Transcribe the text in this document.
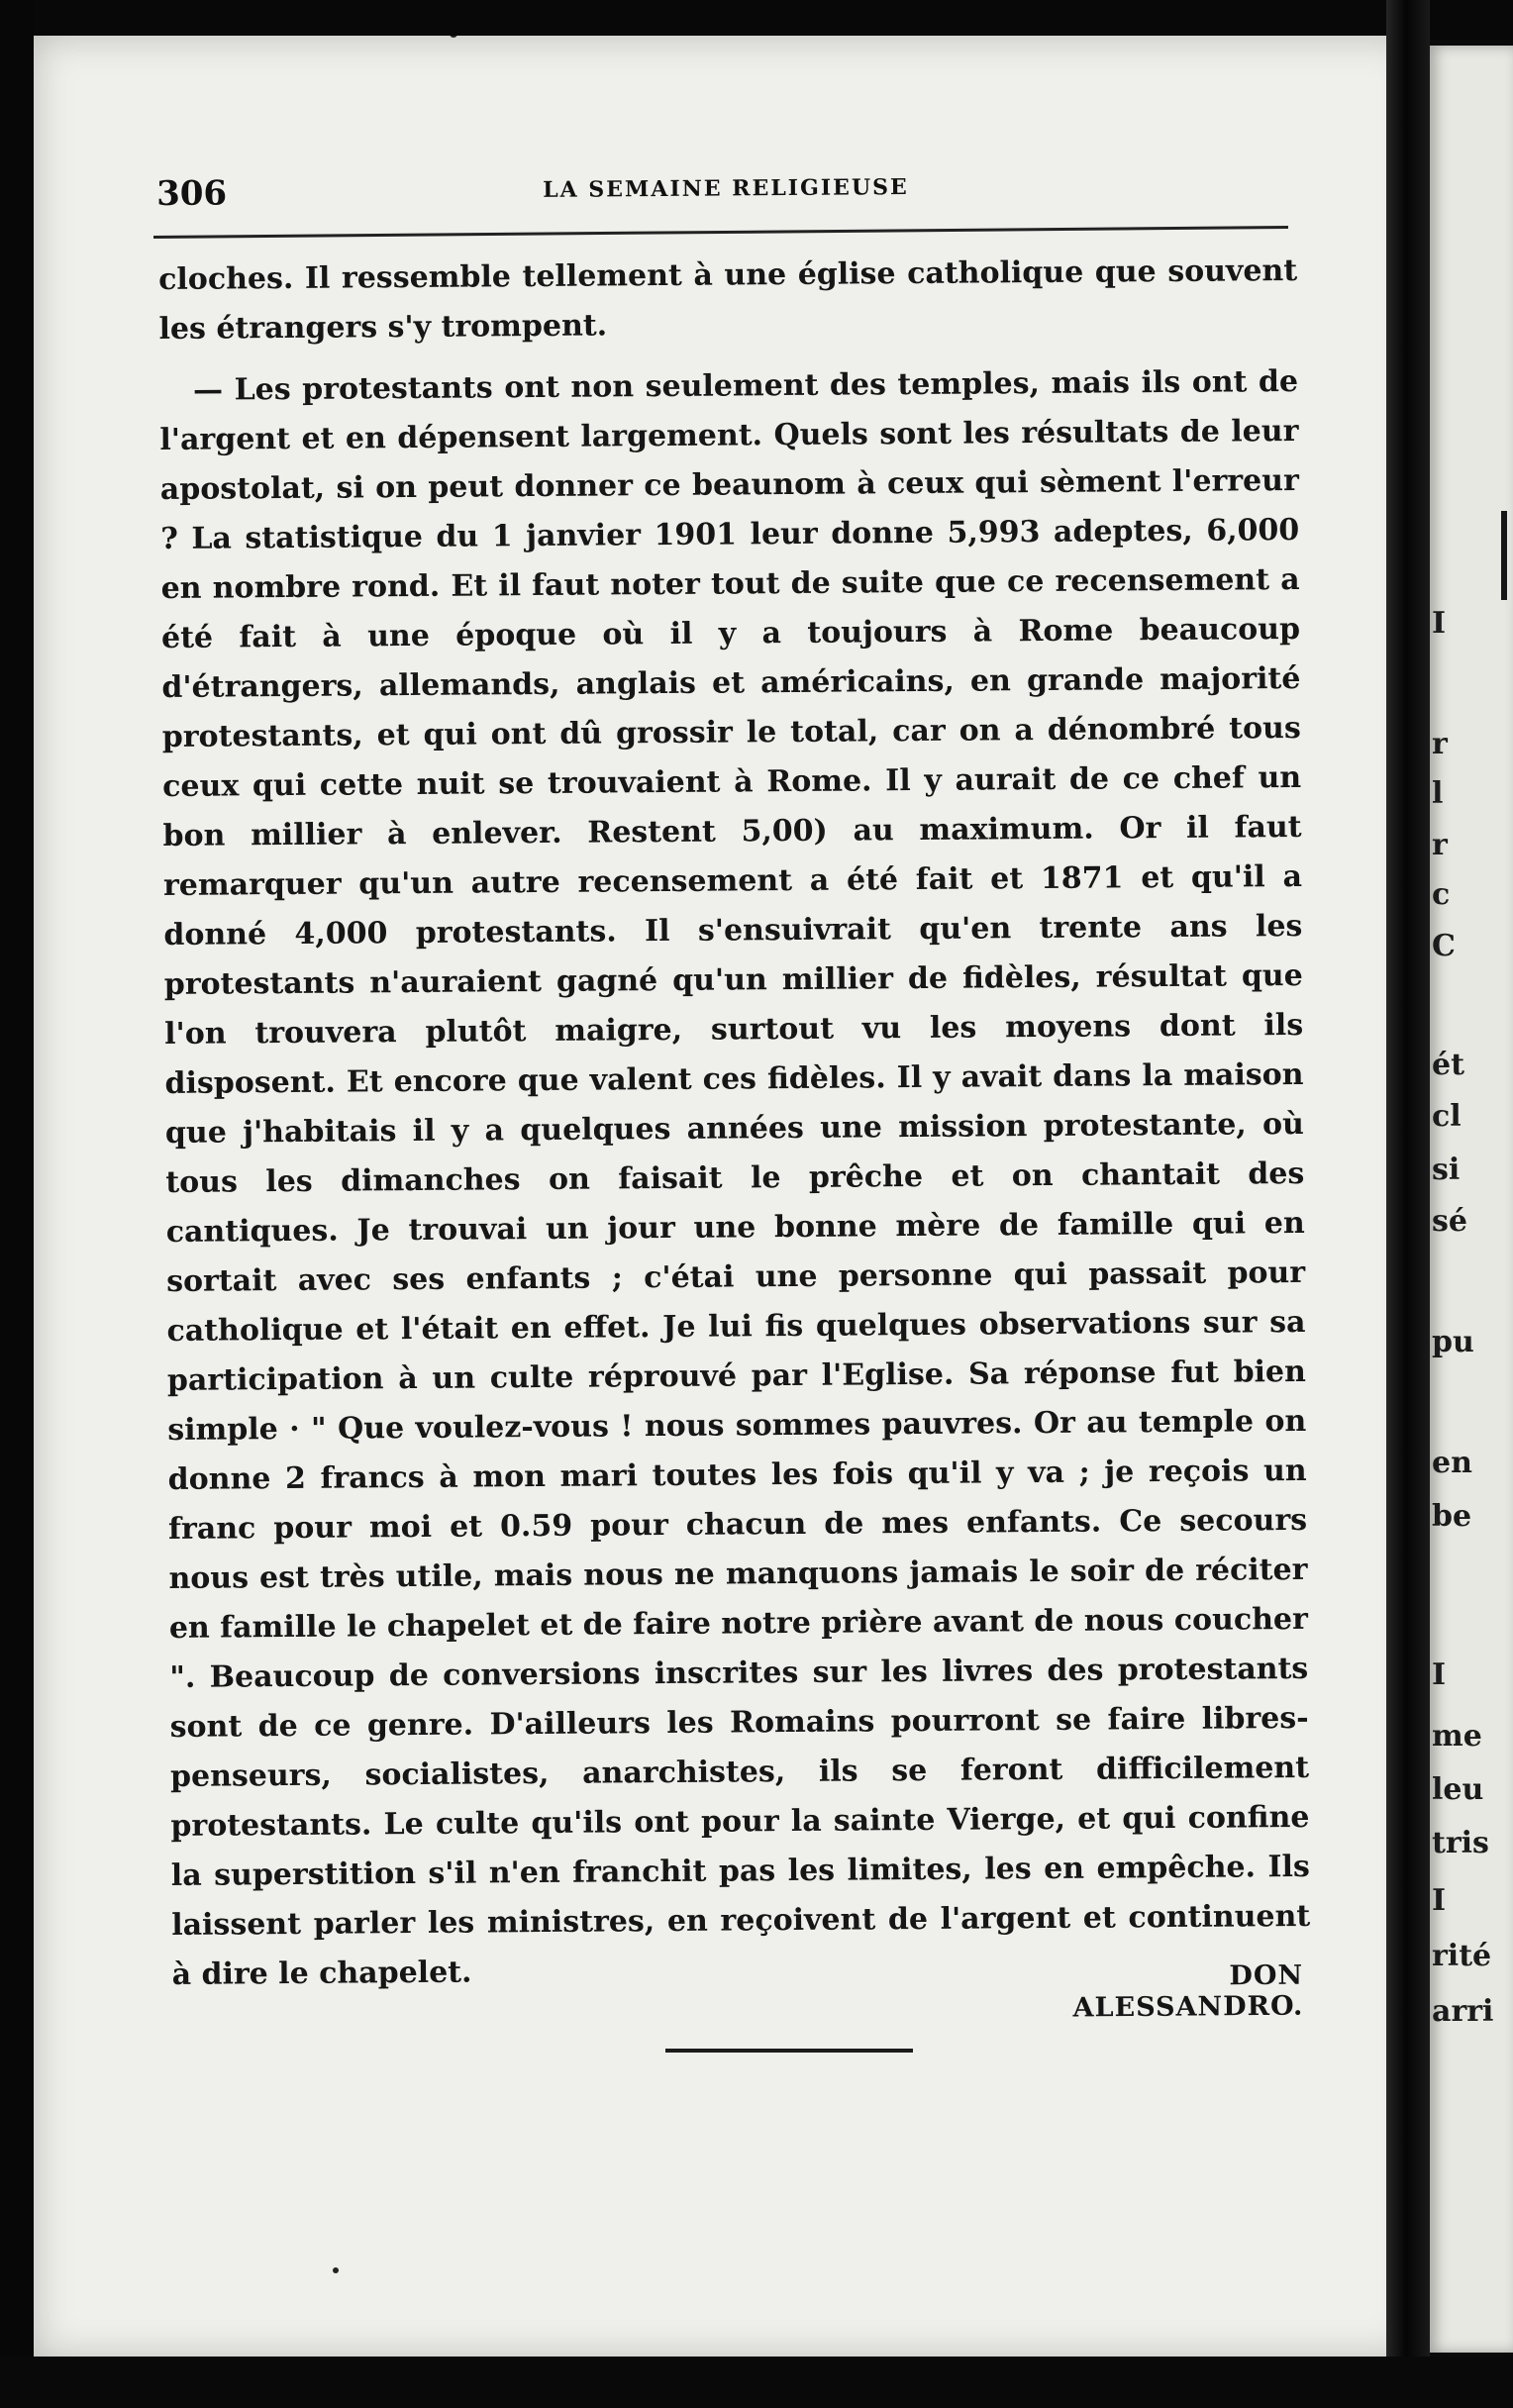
306	LA SEMAINE RELIGIEUSE

cloches. Il ressemble tellement à une église catholique que souvent les étrangers s'y trompent.

— Les protestants ont non seulement des temples, mais ils ont de l'argent et en dépensent largement. Quels sont les résultats de leur apostolat, si on peut donner ce beaunom à ceux qui sèment l'erreur ? La statistique du 1 janvier 1901 leur donne 5,993 adeptes, 6,000 en nombre rond. Et il faut noter tout de suite que ce recensement a été fait à une époque où il y a toujours à Rome beaucoup d'étrangers, allemands, anglais et américains, en grande majorité protestants, et qui ont dû grossir le total, car on a dénombré tous ceux qui cette nuit se trouvaient à Rome. Il y aurait de ce chef un bon millier à enlever. Restent 5,00) au maximum. Or il faut remarquer qu'un autre recensement a été fait et 1871 et qu'il a donné 4,000 protestants. Il s'ensuivrait qu'en trente ans les protestants n'auraient gagné qu'un millier de fidèles, résultat que l'on trouvera plutôt maigre, surtout vu les moyens dont ils disposent. Et encore que valent ces fidèles. Il y avait dans la maison que j'habitais il y a quelques années une mission protestante, où tous les dimanches on faisait le prêche et on chantait des cantiques. Je trouvai un jour une bonne mère de famille qui en sortait avec ses enfants ; c'étai une personne qui passait pour catholique et l'était en effet. Je lui fis quelques observations sur sa participation à un culte réprouvé par l'Eglise. Sa réponse fut bien simple · " Que voulez-vous ! nous sommes pauvres. Or au temple on donne 2 francs à mon mari toutes les fois qu'il y va ; je reçois un franc pour moi et 0.59 pour chacun de mes enfants. Ce secours nous est très utile, mais nous ne manquons jamais le soir de réciter en famille le chapelet et de faire notre prière avant de nous coucher ". Beaucoup de conversions inscrites sur les livres des protestants sont de ce genre. D'ailleurs les Romains pourront se faire libres-penseurs, socialistes, anarchistes, ils se feront difficilement protestants. Le culte qu'ils ont pour la sainte Vierge, et qui confine la superstition s'il n'en franchit pas les limites, les en empêche. Ils laissent parler les ministres, en reçoivent de l'argent et continuent à dire le chapelet.	DON ALESSANDRO.
I
r
l
r
c
C
ét
cl
si
sé
pu
en
be
I
me
leu
tris
I
rité
arri
